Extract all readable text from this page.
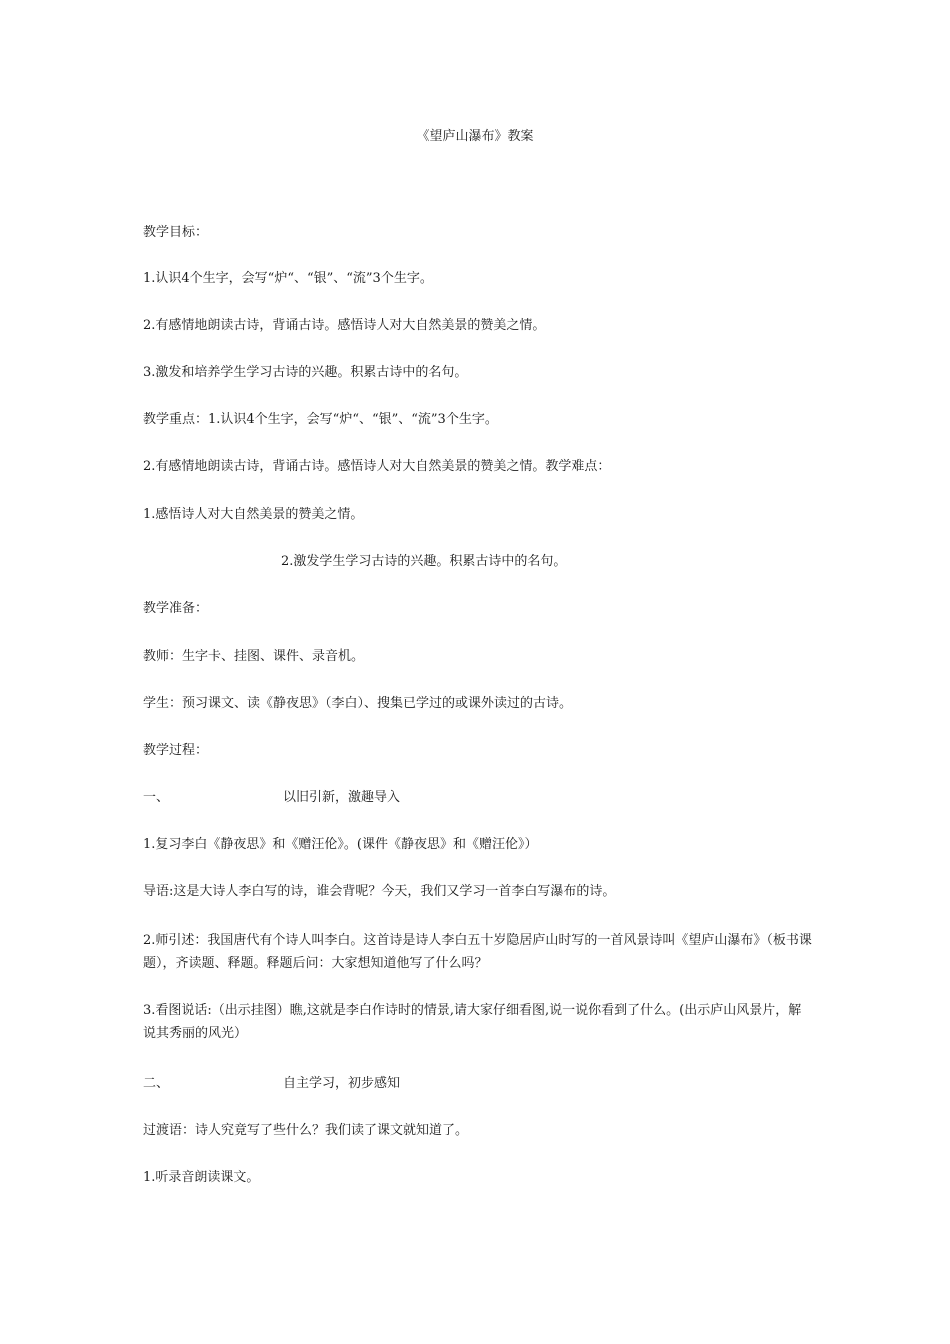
《望庐山瀑布》教案
教学目标：
1.认识4个生字，会写“炉“、“银”、“流”3个生字。
2.有感情地朗读古诗，背诵古诗。感悟诗人对大自然美景的赞美之情。
3.激发和培养学生学习古诗的兴趣。积累古诗中的名句。
教学重点：1.认识4个生字，会写“炉“、“银”、“流”3个生字。
2.有感情地朗读古诗，背诵古诗。感悟诗人对大自然美景的赞美之情。教学难点：
1.感悟诗人对大自然美景的赞美之情。
2.激发学生学习古诗的兴趣。积累古诗中的名句。
教学准备：
教师：生字卡、挂图、课件、录音机。
学生：预习课文、读《静夜思》（李白）、搜集已学过的或课外读过的古诗。
教学过程：
一、	以旧引新，激趣导入
1.复习李白《静夜思》和《赠汪伦》。(课件《静夜思》和《赠汪伦》）
导语:这是大诗人李白写的诗，谁会背呢？今天，我们又学习一首李白写瀑布的诗。
2.师引述：我国唐代有个诗人叫李白。这首诗是诗人李白五十岁隐居庐山时写的一首风景诗叫《望庐山瀑布》（板书课题），齐读题、释题。释题后问：大家想知道他写了什么吗？
3.看图说话:（出示挂图）瞧,这就是李白作诗时的情景,请大家仔细看图,说一说你看到了什么。(出示庐山风景片，解说其秀丽的风光）
二、	自主学习，初步感知
过渡语：诗人究竟写了些什么？我们读了课文就知道了。
1.听录音朗读课文。
